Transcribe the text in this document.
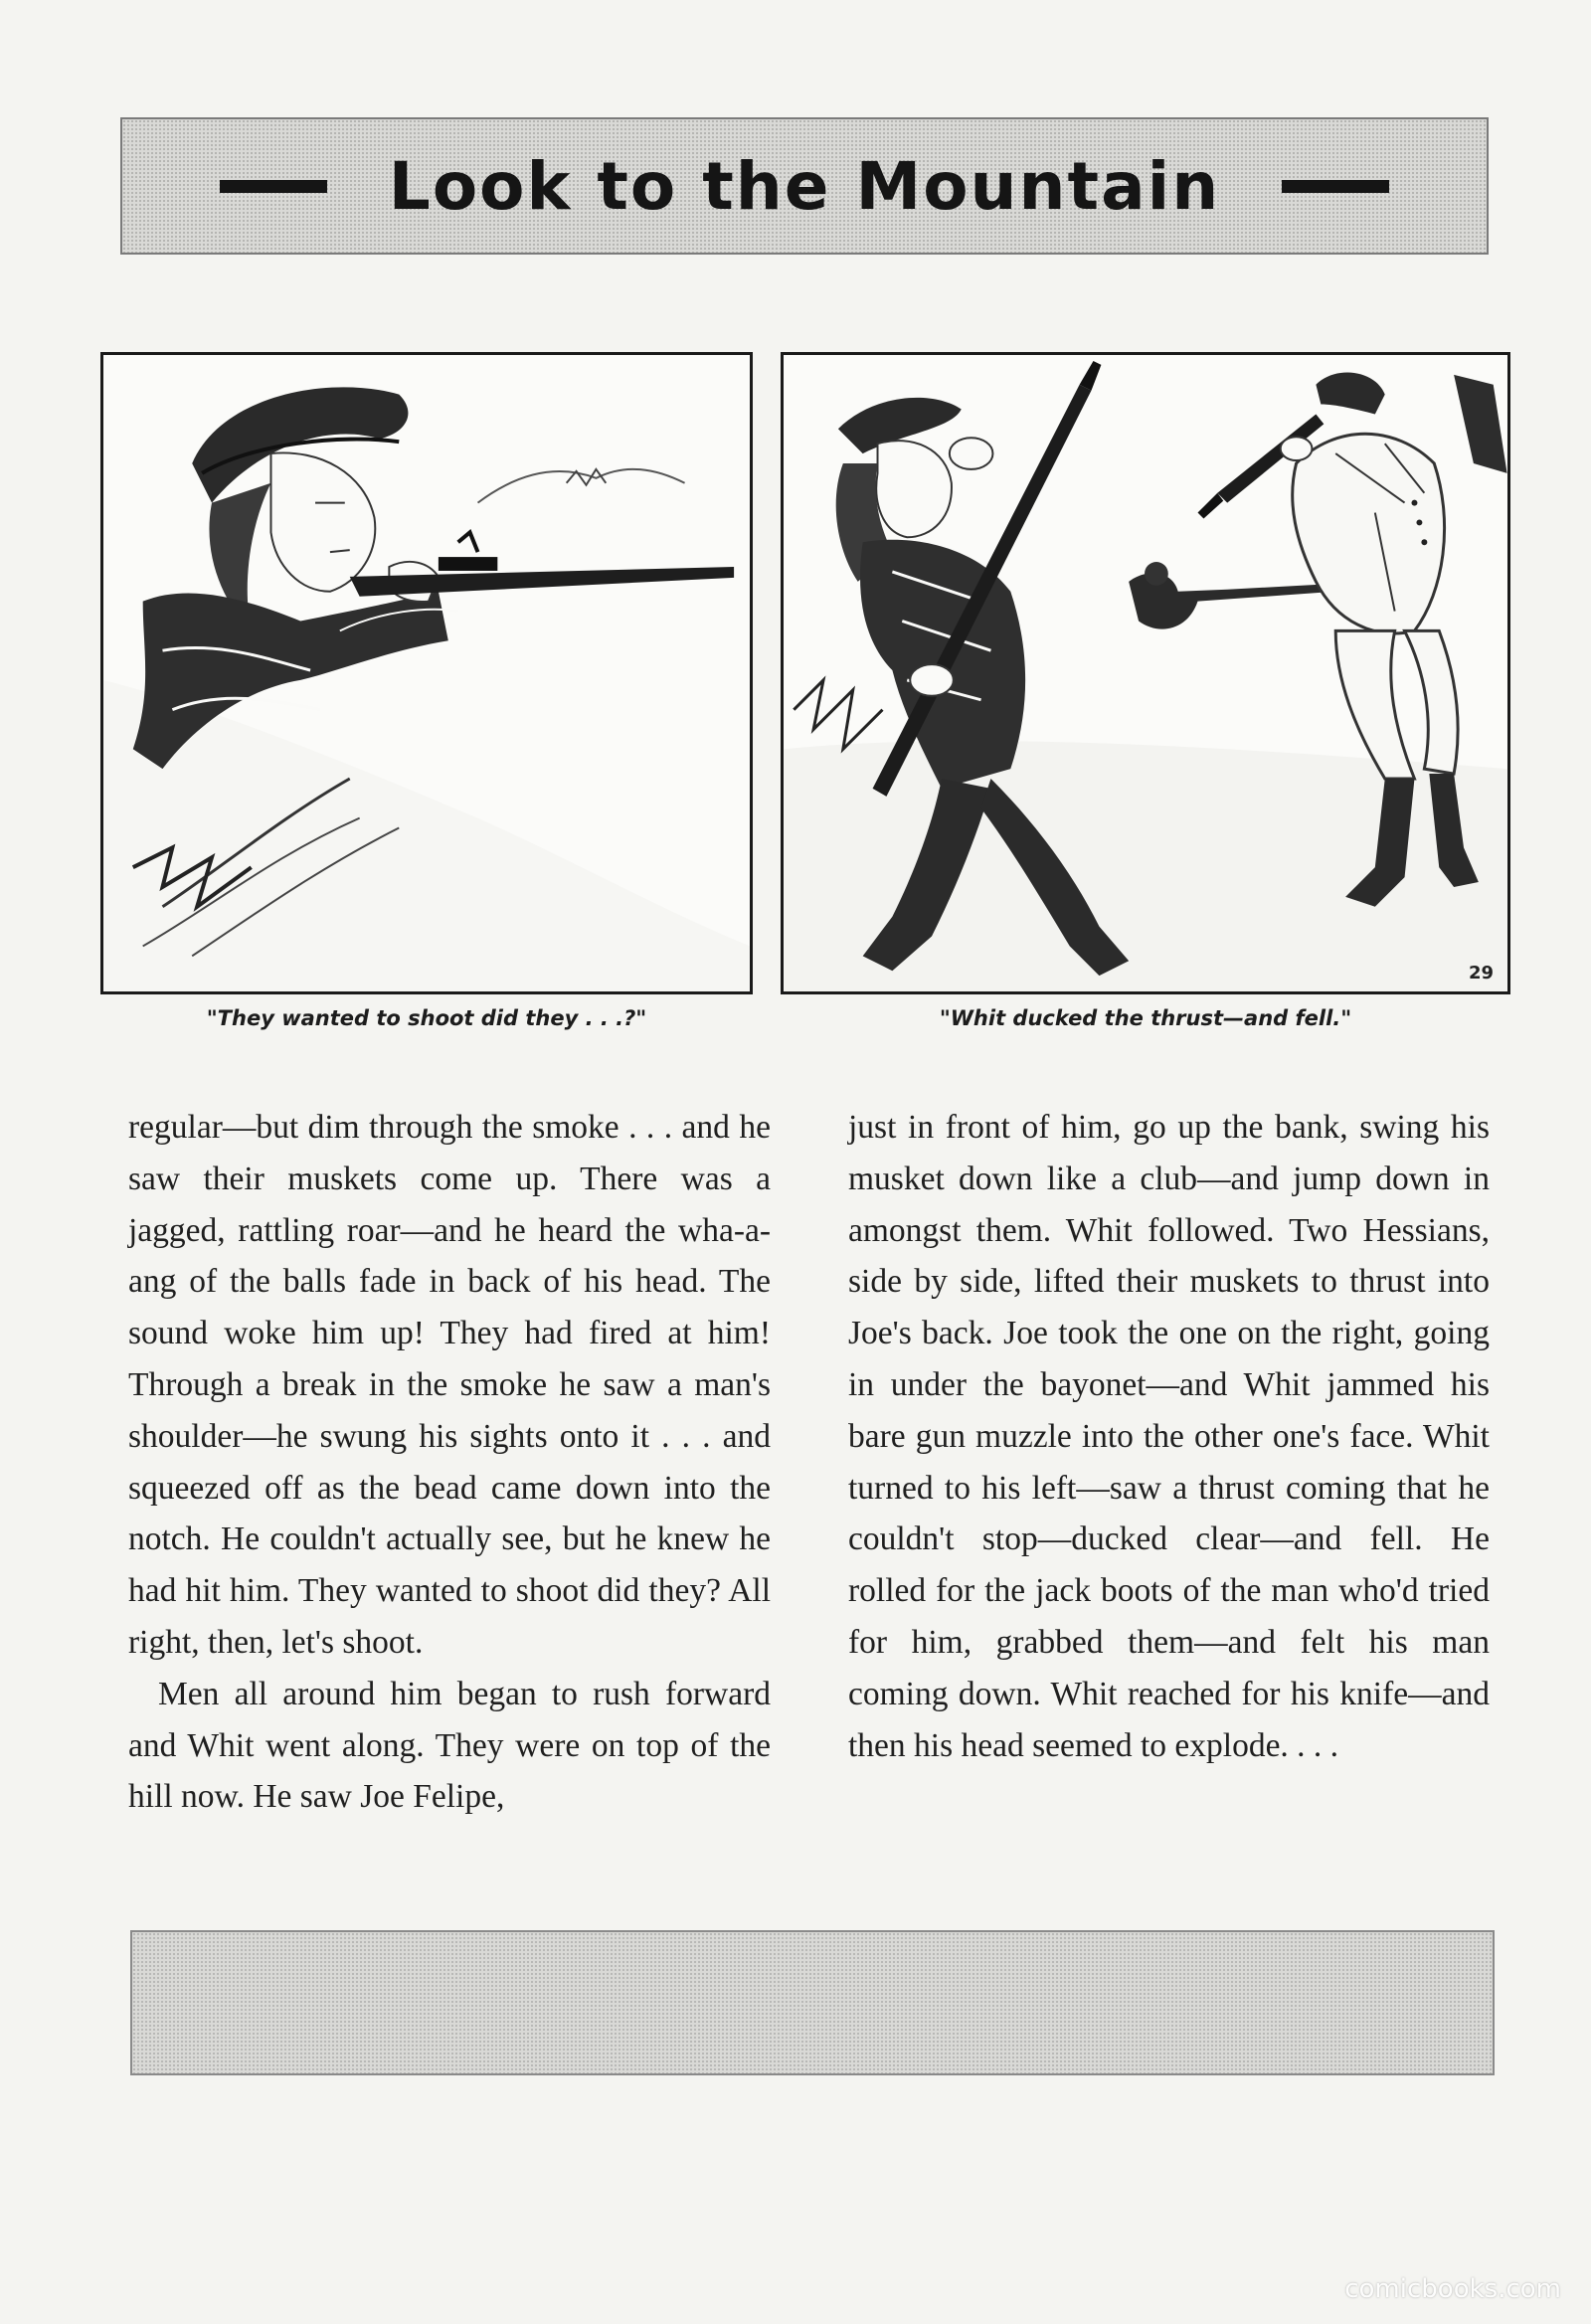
Look to the Mountain
29
"They wanted to shoot did they . . .?"	"Whit ducked the thrust—and fell."

regular—but dim through the smoke . . . and he saw their muskets come up. There was a jagged, rattling roar—and he heard the wha-a-ang of the balls fade in back of his head. The sound woke him up! They had fired at him! Through a break in the smoke he saw a man's shoulder—he swung his sights onto it . . . and squeezed off as the bead came down into the notch. He couldn't actually see, but he knew he had hit him. They wanted to shoot did they? All right, then, let's shoot.

Men all around him began to rush forward and Whit went along. They were on top of the hill now. He saw Joe Felipe,

just in front of him, go up the bank, swing his musket down like a club—and jump down in amongst them. Whit followed. Two Hessians, side by side, lifted their muskets to thrust into Joe's back. Joe took the one on the right, going in under the bayonet—and Whit jammed his bare gun muzzle into the other one's face. Whit turned to his left—saw a thrust coming that he couldn't stop—ducked clear—and fell. He rolled for the jack boots of the man who'd tried for him, grabbed them—and felt his man coming down. Whit reached for his knife—and then his head seemed to explode. . . .

comicbooks.com
